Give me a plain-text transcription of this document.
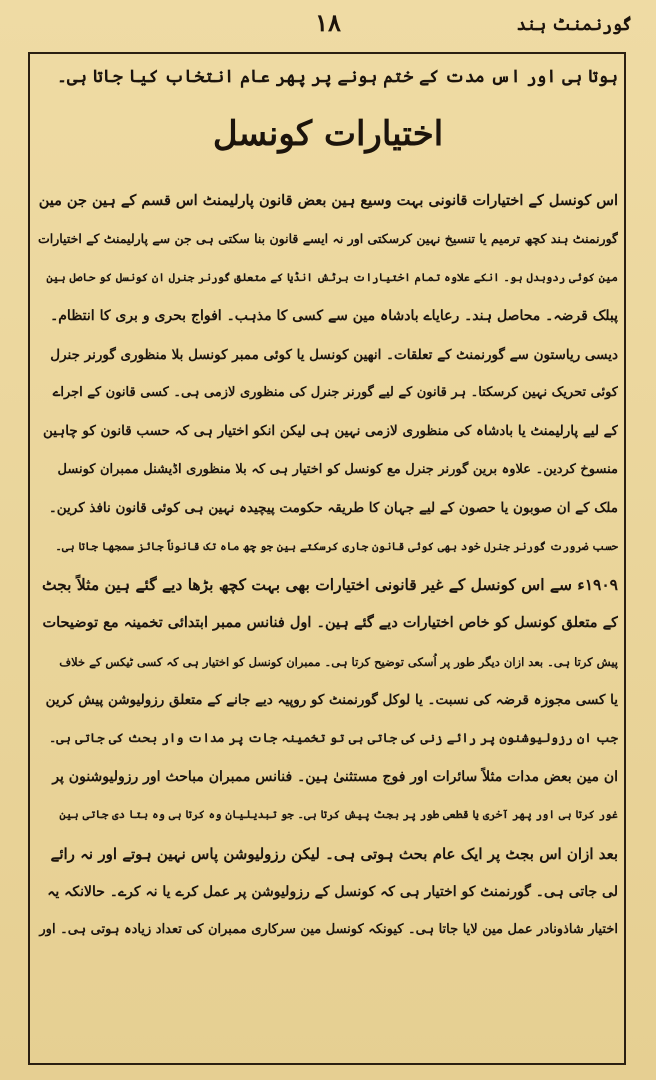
گورنمنٹ ہند
۱۸
ہوتا ہی اور اس مدت کے ختم ہونے پر پھر عام انتخاب کیا جاتا ہی۔
اختیارات کونسل
اس کونسل کے اختیارات قانونی بہت وسیع ہین بعض قانون پارلیمنٹ اس قسم کے ہین جن مین
گورنمنٹ ہند کچھ ترمیم یا تنسیخ نہین کرسکتی اور نہ ایسے قانون بنا سکتی ہی جن سے پارلیمنٹ کے اختیارات
مین کوئی ردوبدل ہو۔ انکے علاوہ تمام اختیارات برٹش انڈیا کے متعلق گورنر جنرل ان کونسل کو حاصل ہین
پبلک قرضہ۔ محاصل ہند۔ رعایاے بادشاہ مین سے کسی کا مذہب۔ افواج بحری و بری کا انتظام۔
دیسی ریاستون سے گورنمنٹ کے تعلقات۔ انھین کونسل یا کوئی ممبر کونسل بلا منظوری گورنر جنرل
کوئی تحریک نہین کرسکتا۔ ہر قانون کے لیے گورنر جنرل کی منظوری لازمی ہی۔ کسی قانون کے اجراے
کے لیے پارلیمنٹ یا بادشاہ کی منظوری لازمی نہین ہی لیکن انکو اختیار ہی کہ حسب قانون کو چاہین
منسوخ کردین۔ علاوہ برین گورنر جنرل مع کونسل کو اختیار ہی کہ بلا منظوری اڈیشنل ممبران کونسل
ملک کے ان صوبون یا حصون کے لیے جہان کا طریقہ حکومت پیچیدہ نہین ہی کوئی قانون نافذ کرین۔
حسب ضرورت گورنر جنرل خود بھی کوئی قانون جاری کرسکتے ہین جو چھ ماہ تک قانوناً جائز سمجھا جاتا ہی۔
۱۹۰۹ء سے اس کونسل کے غیر قانونی اختیارات بھی بہت کچھ بڑھا دیے گئے ہین مثلاً بجٹ
کے متعلق کونسل کو خاص اختیارات دیے گئے ہین۔ اول فنانس ممبر ابتدائی تخمینہ مع توضیحات
پیش کرتا ہی۔ بعد ازان دیگر طور پر اُسکی توضیح کرتا ہی۔ ممبران کونسل کو اختیار ہی کہ کسی ٹیکس کے خلاف
یا کسی مجوزہ قرضہ کی نسبت۔ یا لوکل گورنمنٹ کو روپیہ دیے جانے کے متعلق رزولیوشن پیش کرین
جب ان رزولیوشنون پر رائے زنی کی جاتی ہی تو تخمینہ جات پر مدات وار بحث کی جاتی ہی۔
ان مین بعض مدات مثلاً سائرات اور فوج مستثنیٰ ہین۔ فنانس ممبران مباحث اور رزولیوشنون پر
غور کرتا ہی اور پھر آخری یا قطعی طور پر بجٹ پیش کرتا ہی۔ جو تبدیلیان وہ کرتا ہی وہ بتا دی جاتی ہین
بعد ازان اس بجٹ پر ایک عام بحث ہوتی ہی۔ لیکن رزولیوشن پاس نہین ہوتے اور نہ رائے
لی جاتی ہی۔ گورنمنٹ کو اختیار ہی کہ کونسل کے رزولیوشن پر عمل کرے یا نہ کرے۔ حالانکہ یہ
اختیار شاذونادر عمل مین لایا جاتا ہی۔ کیونکہ کونسل مین سرکاری ممبران کی تعداد زیادہ ہوتی ہی۔ اور
